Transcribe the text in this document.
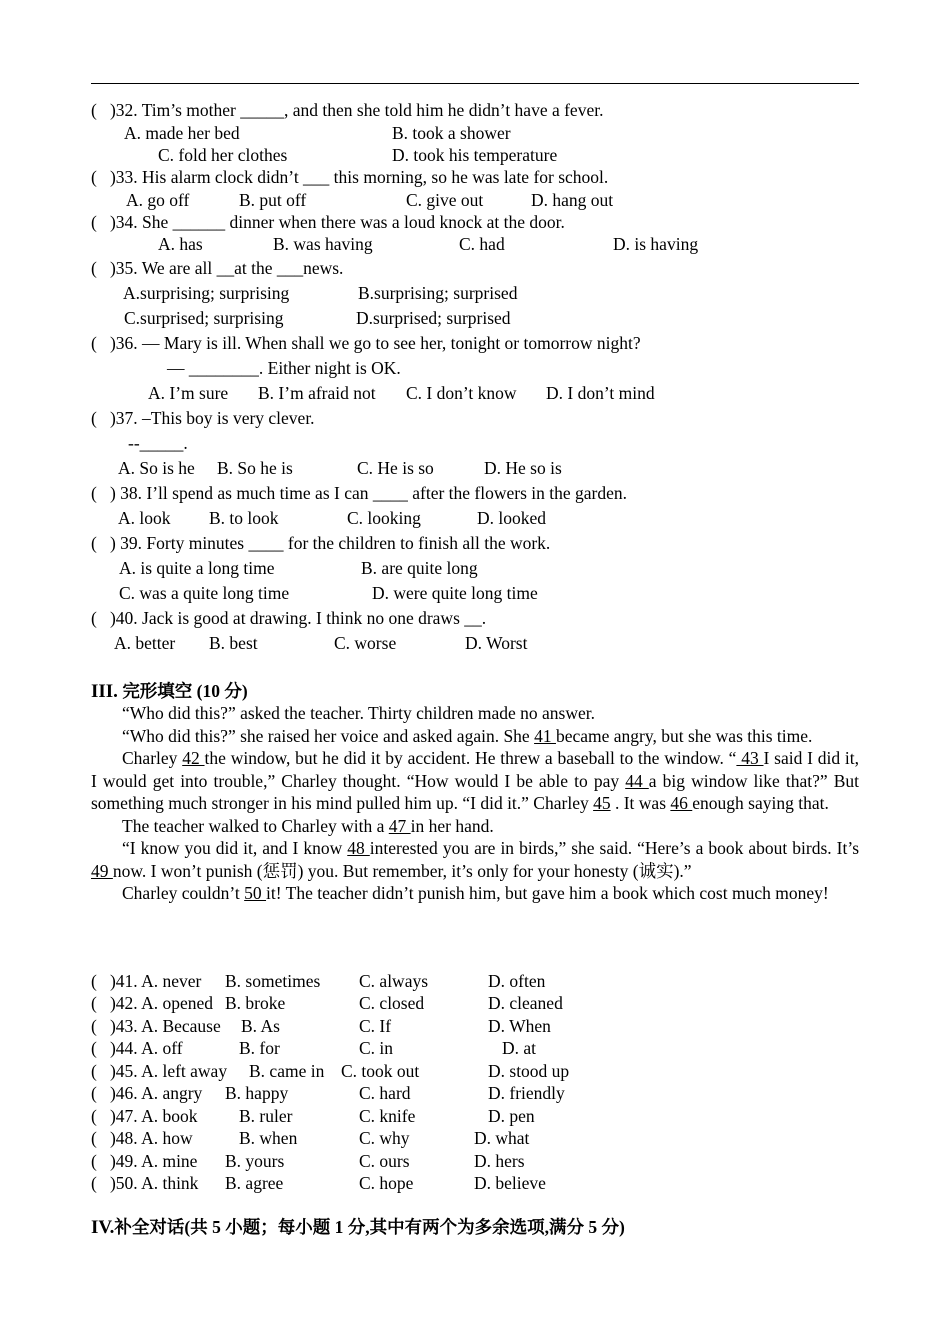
(   )32. Tim’s mother _____, and then she told him he didn’t have a fever.
A. made her bed	B. took a shower
C. fold her clothes	D. took his temperature
(   )33. His alarm clock didn’t ___ this morning, so he was late for school.
A. go off	B. put off	C. give out	D. hang out
(   )34. She ______ dinner when there was a loud knock at the door.
A. has	B. was having	C. had	D. is having
(   )35. We are all __at the ___news.
A.surprising; surprising	B.surprising; surprised
C.surprised; surprising	D.surprised; surprised
(   )36. — Mary is ill. When shall we go to see her, tonight or tomorrow night?
— ________. Either night is OK.
A. I’m sure B. I’m afraid not C. I don’t know D. I don’t mind
(   )37. –This boy is very clever.
--_____.
A. So is he B. So he is	C. He is so	D. He so is
(   ) 38. I’ll spend as much time as I can ____ after the flowers in the garden.
A. look B. to look	C. looking	D. looked
(   ) 39. Forty minutes ____ for the children to finish all the work.
A. is quite a long time	B. are quite long
C. was a quite long time	D. were quite long time
(   )40. Jack is good at drawing. I think no one draws __.
A. better B. best	C. worse	D. Worst
III. 完形填空 (10 分)
“Who did this?” asked the teacher. Thirty children made no answer.
“Who did this?” she raised her voice and asked again. She 41 became angry, but she was this time.
Charley 42 the window, but he did it by accident. He threw a baseball to the window. “ 43 I said I did it, I would get into trouble,” Charley thought. “How would I be able to pay 44 a big window like that?” But something much stronger in his mind pulled him up. “I did it.” Charley 45 . It was 46 enough saying that.
The teacher walked to Charley with a 47 in her hand.
“I know you did it, and I know 48 interested you are in birds,” she said. “Here’s a book about birds. It’s 49 now. I won’t punish (惩罚) you. But remember, it’s only for your honesty (诚实).”
Charley couldn’t 50 it! The teacher didn’t punish him, but gave him a book which cost much money!
(   )41. A. never B. sometimes C. always	D. often
(   )42. A. opened B. broke	C. closed	D. cleaned
(   )43. A. Because B. As	C. If	D. When
(   )44. A. off	B. for	C. in	D. at
(   )45. A. left away B. came in C. took out	D. stood up
(   )46. A. angry B. happy	C. hard	D. friendly
(   )47. A. book B. ruler	C. knife	D. pen
(   )48. A. how	B. when	C. why	D. what
(   )49. A. mine B. yours	C. ours	D. hers
(   )50. A. think B. agree	C. hope	D. believe
IV.补全对话(共 5 小题；每小题 1 分,其中有两个为多余选项,满分 5 分)
